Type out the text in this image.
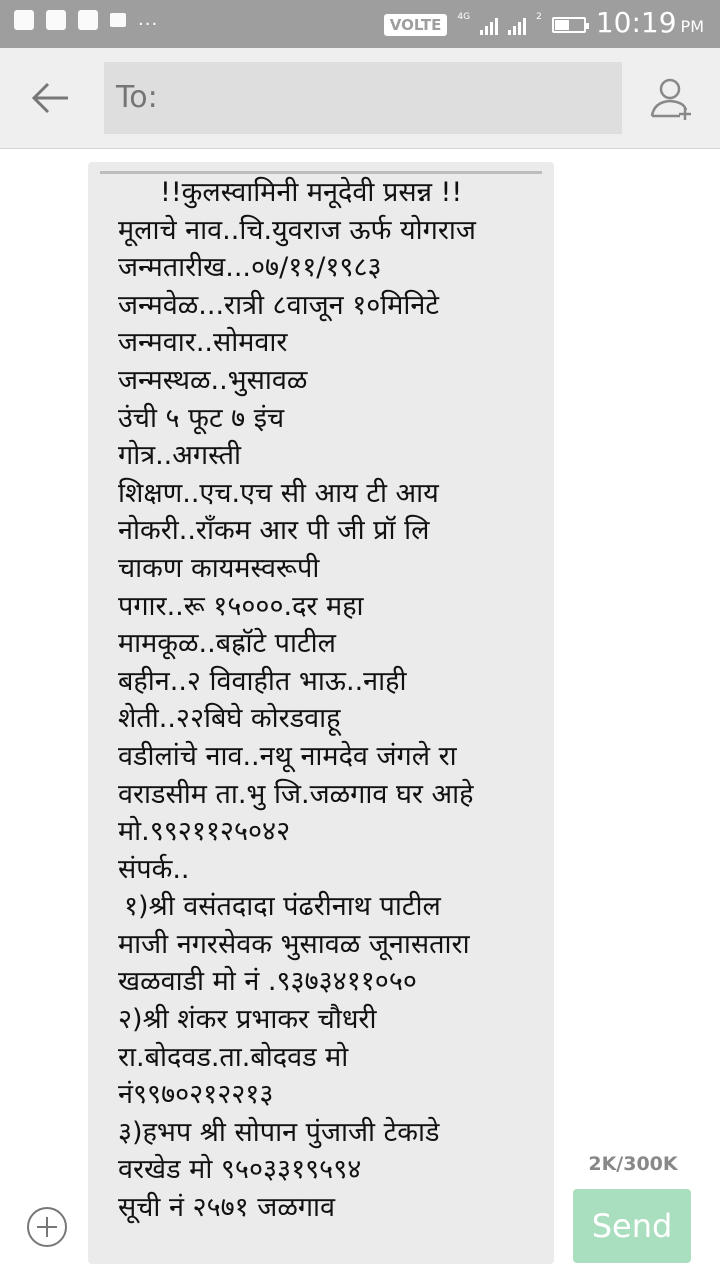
...	VOLTE	4G	2 10:19 PM
To:
!!कुलस्वामिनी मनूदेवी प्रसन्न !!
मूलाचे नाव..चि.युवराज ऊर्फ योगराज
जन्मतारीख...०७/११/१९८३
जन्मवेळ...रात्री ८वाजून १०मिनिटे
जन्मवार..सोमवार
जन्मस्थळ..भुसावळ
उंची ५ फूट ७ इंच
गोत्र..अगस्ती
शिक्षण..एच.एच सी आय टी आय
नोकरी..रॉंकम आर पी जी प्रॉ लि
चाकण कायमस्वरूपी
पगार..रू १५०००.दर महा
मामकूळ..बह्रॉटे पाटील
बहीन..२ विवाहीत भाऊ..नाही
शेती..२२बिघे कोरडवाहू
वडीलांचे नाव..नथू नामदेव जंगले रा
वराडसीम ता.भु जि.जळगाव घर आहे
मो.९९२११२५०४२
संपर्क..
१)श्री वसंतदादा पंढरीनाथ पाटील
माजी नगरसेवक भुसावळ जूनासतारा
खळवाडी मो नं .९३७३४११०५०
२)श्री शंकर प्रभाकर चौधरी
रा.बोदवड.ता.बोदवड मो
नं९९७०२१२२१३
३)हभप श्री सोपान पुंजाजी टेकाडे
वरखेड मो ९५०३३१९५९४
सूची नं २५७१ जळगाव
2K/300K
Send
